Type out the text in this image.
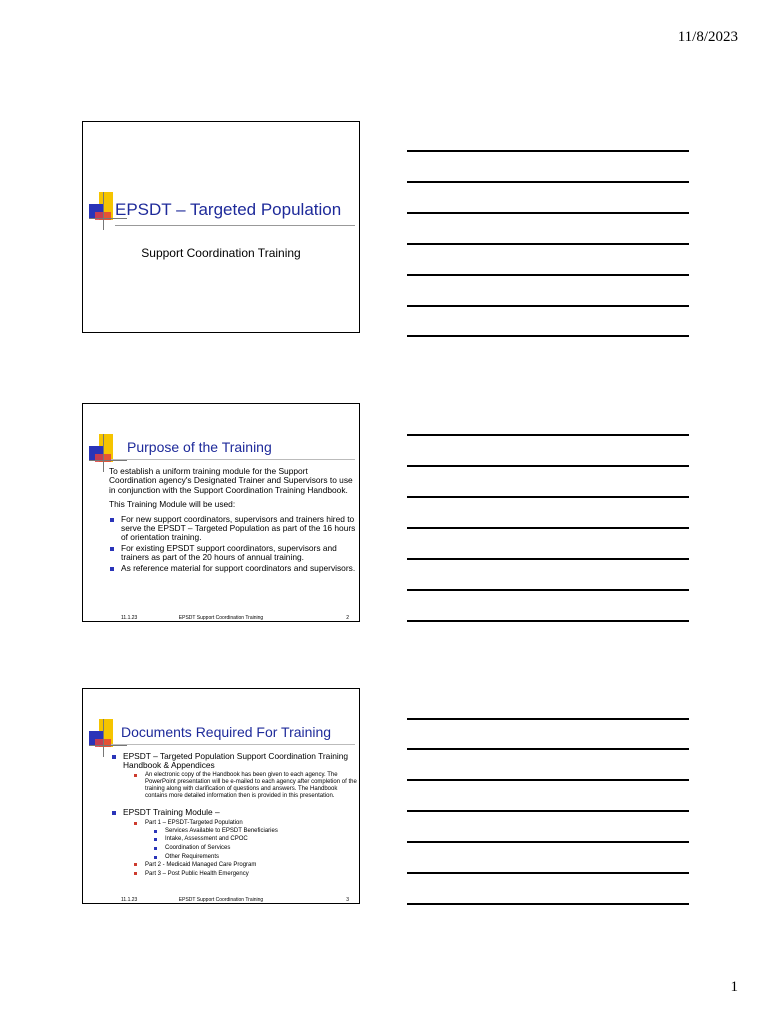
11/8/2023
EPSDT – Targeted Population
Support Coordination Training
Purpose of the Training

To establish a uniform training module for the Support Coordination agency's Designated Trainer and Supervisors to use in conjunction with the Support Coordination Training Handbook.

This Training Module will be used:

For new support coordinators, supervisors and trainers hired to serve the EPSDT – Targeted Population as part of the 16 hours of orientation training.
For existing EPSDT support coordinators, supervisors and trainers as part of the 20 hours of annual training.
As reference material for support coordinators and supervisors.
11.1.23	EPSDT Support Coordination Training	2
Documents Required For Training
EPSDT – Targeted Population Support Coordination Training Handbook & Appendices
An electronic copy of the Handbook has been given to each agency. The PowerPoint presentation will be e-mailed to each agency after completion of the training along with clarification of questions and answers. The Handbook contains more detailed information then is provided in this presentation.
EPSDT Training Module –
Part 1 – EPSDT-Targeted Population
Services Available to EPSDT Beneficiaries
Intake, Assessment and CPOC
Coordination of Services
Other Requirements
Part 2 - Medicaid Managed Care Program
Part 3 – Post Public Health Emergency
11.1.23	EPSDT Support Coordination Training	3
1
